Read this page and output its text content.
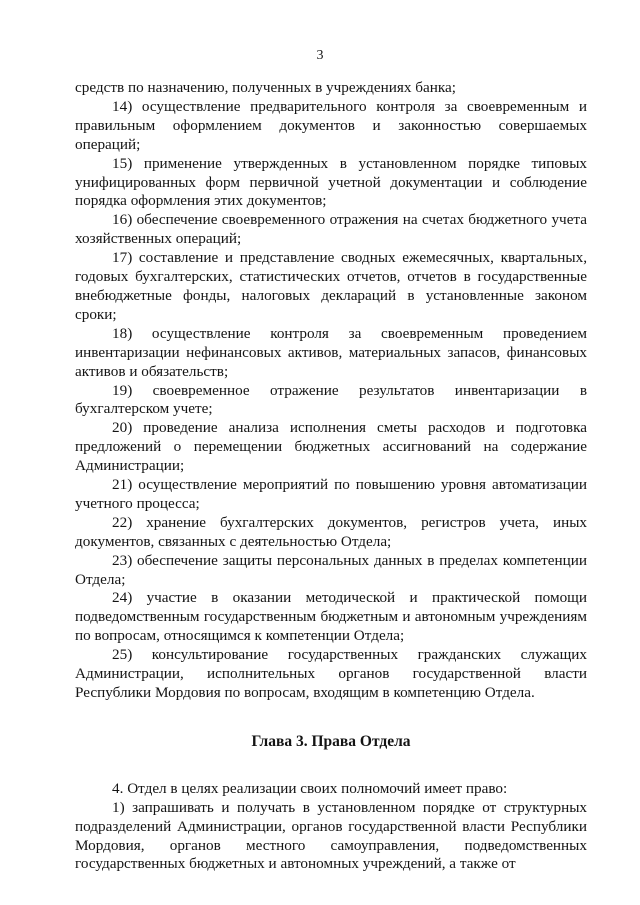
3

средств по назначению, полученных в учреждениях банка;

14) осуществление предварительного контроля за своевременным и правильным оформлением документов и законностью совершаемых операций;

15) применение утвержденных в установленном порядке типовых унифицированных форм первичной учетной документации и соблюдение порядка оформления этих документов;

16) обеспечение своевременного отражения на счетах бюджетного учета хозяйственных операций;

17) составление и представление сводных ежемесячных, квартальных, годовых бухгалтерских, статистических отчетов, отчетов в государственные внебюджетные фонды, налоговых деклараций в установленные законом сроки;

18) осуществление контроля за своевременным проведением инвентаризации нефинансовых активов, материальных запасов, финансовых активов и обязательств;

19) своевременное отражение результатов инвентаризации в бухгалтерском учете;

20) проведение анализа исполнения сметы расходов и подготовка предложений о перемещении бюджетных ассигнований на содержание Администрации;

21) осуществление мероприятий по повышению уровня автоматизации учетного процесса;

22) хранение бухгалтерских документов, регистров учета, иных документов, связанных с деятельностью Отдела;

23) обеспечение защиты персональных данных в пределах компетенции Отдела;

24) участие в оказании методической и практической помощи подведомственным государственным бюджетным и автономным учреждениям по вопросам, относящимся к компетенции Отдела;

25) консультирование государственных гражданских служащих Администрации, исполнительных органов государственной власти Республики Мордовия по вопросам, входящим в компетенцию Отдела.

Глава 3. Права Отдела

4. Отдел в целях реализации своих полномочий имеет право:

1) запрашивать и получать в установленном порядке от структурных подразделений Администрации, органов государственной власти Республики Мордовия, органов местного самоуправления, подведомственных государственных бюджетных и автономных учреждений, а также от
